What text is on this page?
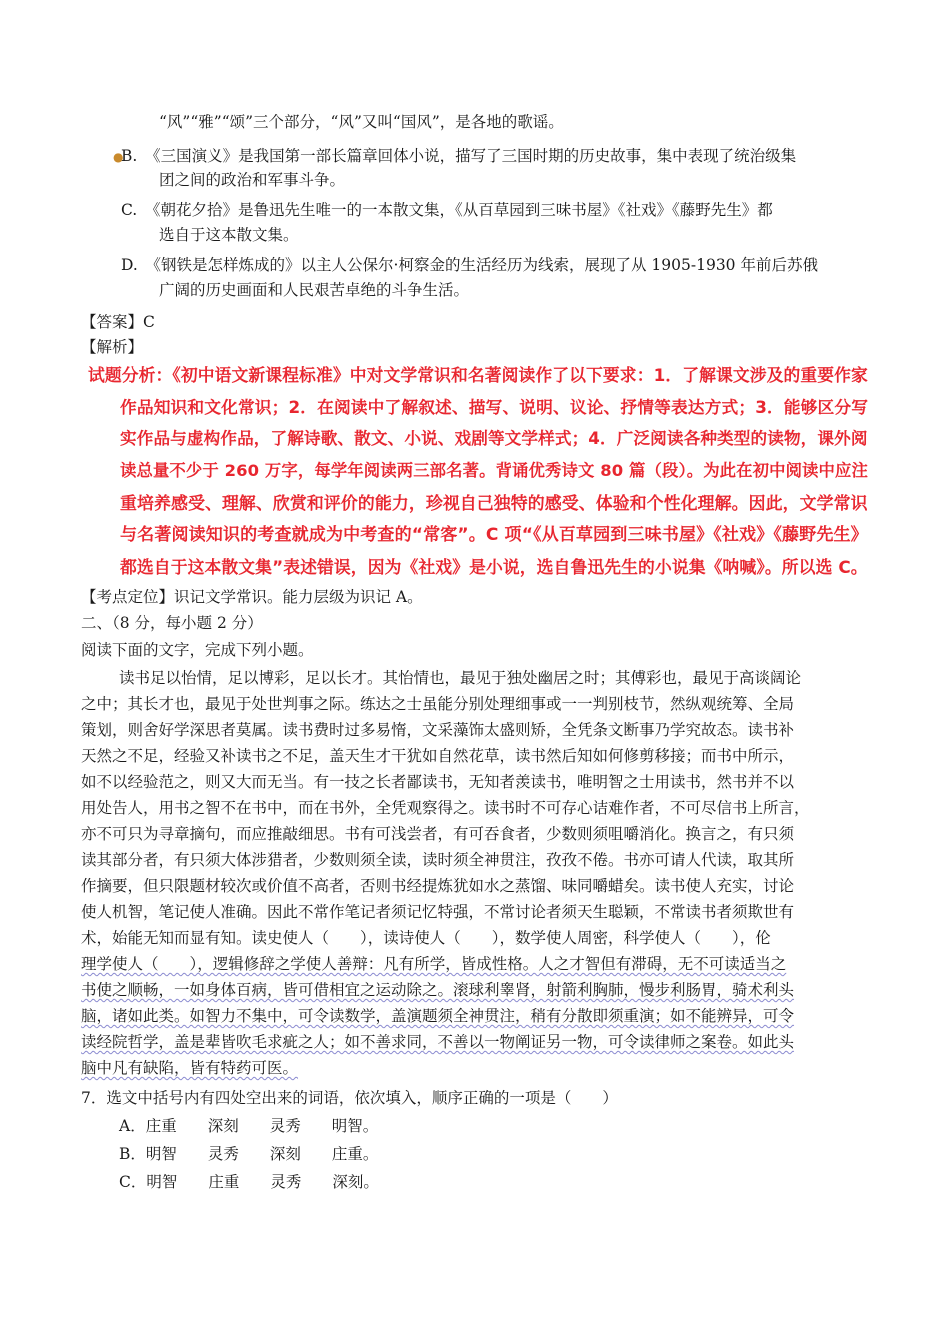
“风”“雅”“颂”三个部分，“风”又叫“国风”，是各地的歌谣。
●
B.　《三国演义》是我国第一部长篇章回体小说，描写了三国时期的历史故事，集中表现了统治级集
团之间的政治和军事斗争。
C.　《朝花夕拾》是鲁迅先生唯一的一本散文集，《从百草园到三味书屋》《社戏》《藤野先生》都
选自于这本散文集。
D.　《钢铁是怎样炼成的》以主人公保尔·柯察金的生活经历为线索，展现了从 1905-1930 年前后苏俄
广阔的历史画面和人民艰苦卓绝的斗争生活。
【答案】C
【解析】
试题分析：《初中语文新课程标准》中对文学常识和名著阅读作了以下要求：1．了解课文涉及的重要作家
作品知识和文化常识；2．在阅读中了解叙述、描写、说明、议论、抒情等表达方式；3．能够区分写
实作品与虚构作品，了解诗歌、散文、小说、戏剧等文学样式；4．广泛阅读各种类型的读物，课外阅
读总量不少于 260 万字，每学年阅读两三部名著。背诵优秀诗文 80 篇（段）。为此在初中阅读中应注
重培养感受、理解、欣赏和评价的能力，珍视自己独特的感受、体验和个性化理解。因此，文学常识
与名著阅读知识的考查就成为中考查的“常客”。C 项“《从百草园到三味书屋》《社戏》《藤野先生》
都选自于这本散文集”表述错误，因为《社戏》是小说，选自鲁迅先生的小说集《呐喊》。所以选 C。
【考点定位】识记文学常识。能力层级为识记 A。
二、（8 分，每小题 2 分）
阅读下面的文字，完成下列小题。
读书足以怡情，足以博彩，足以长才。其怡情也，最见于独处幽居之时；其傅彩也，最见于高谈阔论
之中；其长才也，最见于处世判事之际。练达之士虽能分别处理细事或一一判别枝节，然纵观统筹、全局
策划，则舍好学深思者莫属。读书费时过多易惰，文采藻饰太盛则矫，全凭条文断事乃学究故态。读书补
天然之不足，经验又补读书之不足，盖天生才干犹如自然花草，读书然后知如何修剪移接；而书中所示，
如不以经验范之，则又大而无当。有一技之长者鄙读书，无知者羡读书，唯明智之士用读书，然书并不以
用处告人，用书之智不在书中，而在书外，全凭观察得之。读书时不可存心诘难作者，不可尽信书上所言，
亦不可只为寻章摘句，而应推敲细思。书有可浅尝者，有可吞食者，少数则须咀嚼消化。换言之，有只须
读其部分者，有只须大体涉猎者，少数则须全读，读时须全神贯注，孜孜不倦。书亦可请人代读，取其所
作摘要，但只限题材较次或价值不高者，否则书经提炼犹如水之蒸馏、味同嚼蜡矣。读书使人充实，讨论
使人机智，笔记使人准确。因此不常作笔记者须记忆特强，不常讨论者须天生聪颖，不常读书者须欺世有
术，始能无知而显有知。读史使人（　　），读诗使人（　　），数学使人周密，科学使人（　　），伦
理学使人（　　），逻辑修辞之学使人善辩：凡有所学，皆成性格。人之才智但有滞碍，无不可读适当之
书使之顺畅，一如身体百病，皆可借相宜之运动除之。滚球利睾肾，射箭利胸肺，慢步利肠胃，骑术利头
脑，诸如此类。如智力不集中，可令读数学，盖演题须全神贯注，稍有分散即须重演；如不能辨异，可令
读经院哲学，盖是辈皆吹毛求疵之人；如不善求同，不善以一物阐证另一物，可令读律师之案卷。如此头
脑中凡有缺陷，皆有特药可医。
7．选文中括号内有四处空出来的词语，依次填入，顺序正确的一项是（　　）
A．庄重　　深刻　　灵秀　　明智。
B．明智　　灵秀　　深刻　　庄重。
C．明智　　庄重　　灵秀　　深刻。
